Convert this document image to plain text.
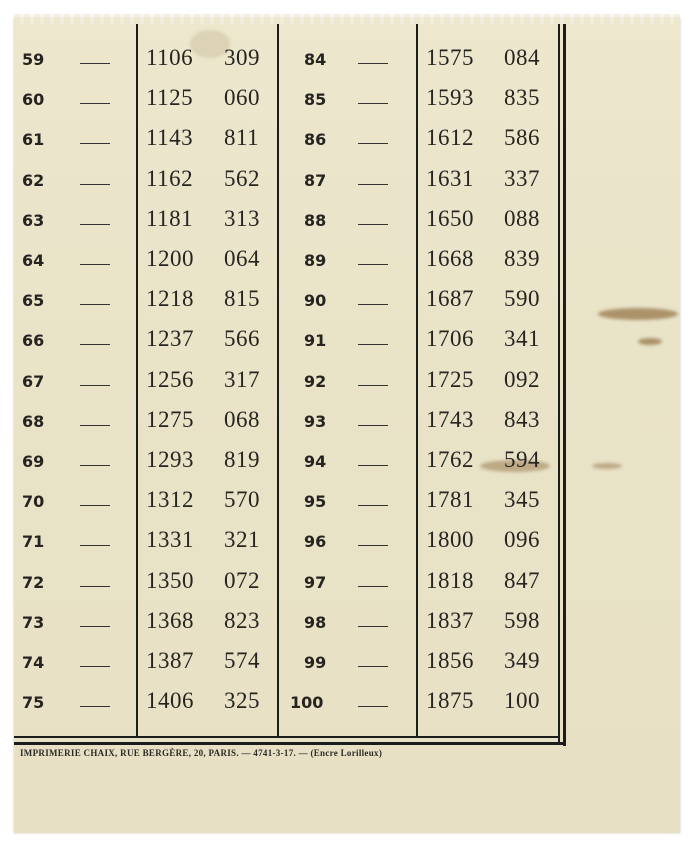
59	1106 309
60	1125 060
61	1143 811
62	1162 562
63	1181 313
64	1200 064
65	1218 815
66	1237 566
67	1256 317
68	1275 068
69	1293 819
70	1312 570
71	1331 321
72	1350 072
73	1368 823
74	1387 574
75	1406 325
84	1575 084
85	1593 835
86	1612 586
87	1631 337
88	1650 088
89	1668 839
90	1687 590
91	1706 341
92	1725 092
93	1743 843
94	1762 594
95	1781 345
96	1800 096
97	1818 847
98	1837 598
99	1856 349
100	1875 100
IMPRIMERIE CHAIX, RUE BERGÈRE, 20, PARIS. — 4741-3-17. — (Encre Lorilleux)
